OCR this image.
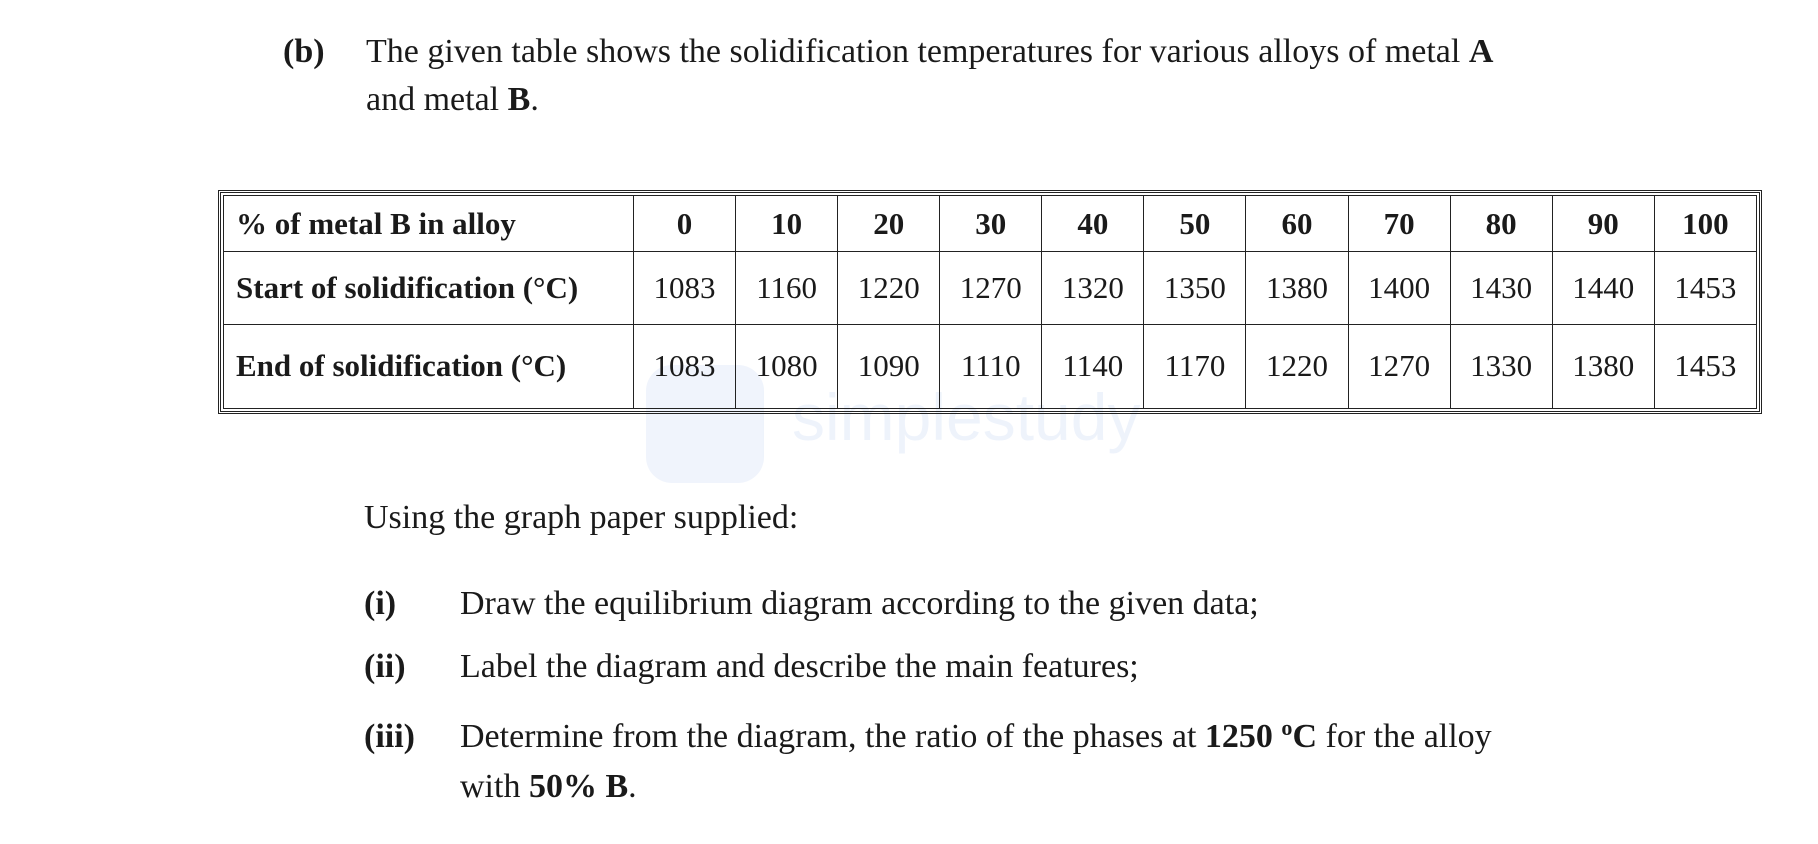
(b) The given table shows the solidification temperatures for various alloys of metal A
and metal B.
simplestudy
% of metal B in alloy	0	10	20	30	40	50	60	70	80	90	100
Start of solidification (°C)	1083	1160	1220	1270	1320	1350	1380	1400	1430	1440	1453
End of solidification (°C)	1083	1080	1090	1110	1140	1170	1220	1270	1330	1380	1453
Using the graph paper supplied:
(i) Draw the equilibrium diagram according to the given data;
(ii) Label the diagram and describe the main features;
(iii) Determine from the diagram, the ratio of the phases at 1250 $^o$C for the alloy
with 50% B.
